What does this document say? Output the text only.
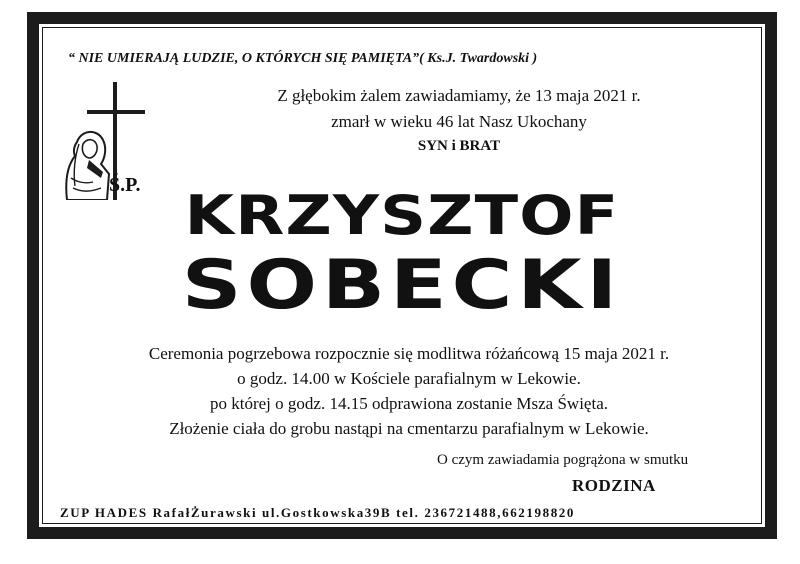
“ NIE UMIERAJĄ LUDZIE, O KTÓRYCH SIĘ PAMIĘTA”( Ks.J. Twardowski )
Z głębokim żalem zawiadamiamy, że 13 maja 2021 r.
zmarł w wieku 46 lat Nasz Ukochany
SYN i BRAT
Ś.P. KRZYSZTOF
SOBECKI
Ceremonia pogrzebowa rozpocznie się modlitwa różańcową 15 maja 2021 r.
o godz. 14.00 w Kościele parafialnym w Lekowie.
po której o godz. 14.15 odprawiona zostanie Msza Święta.
Złożenie ciała do grobu nastąpi na cmentarzu parafialnym w Lekowie.
O czym zawiadamia pogrążona w smutku
RODZINA
ZUP HADES RafałŻurawski ul.Gostkowska39B tel. 236721488,662198820
